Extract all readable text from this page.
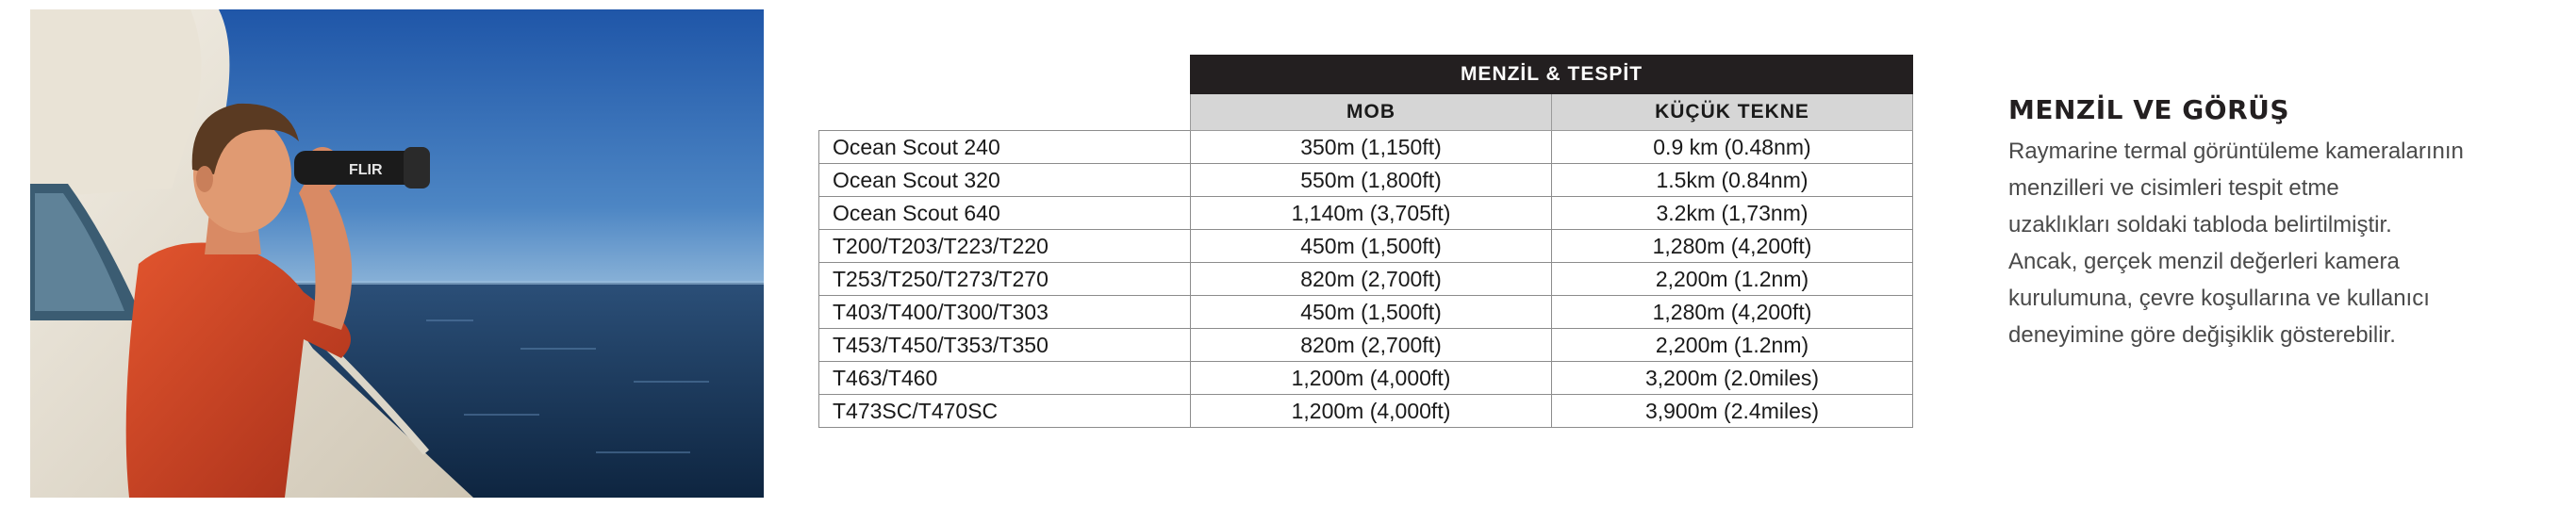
FLIR
	MENZİL & TESPİT	
	MOB	KÜÇÜK TEKNE
Ocean Scout 240	350m (1,150ft)	0.9 km (0.48nm)
Ocean Scout 320	550m (1,800ft)	1.5km (0.84nm)
Ocean Scout 640	1,140m (3,705ft)	3.2km (1,73nm)
T200/T203/T223/T220	450m (1,500ft)	1,280m (4,200ft)
T253/T250/T273/T270	820m (2,700ft)	2,200m (1.2nm)
T403/T400/T300/T303	450m (1,500ft)	1,280m (4,200ft)
T453/T450/T353/T350	820m (2,700ft)	2,200m (1.2nm)
T463/T460	1,200m (4,000ft)	3,200m (2.0miles)
T473SC/T470SC	1,200m (4,000ft)	3,900m (2.4miles)
MENZİL VE GÖRÜŞ

Raymarine termal görüntüleme kameralarının
menzilleri ve cisimleri tespit etme
uzaklıkları soldaki tabloda belirtilmiştir.
Ancak, gerçek menzil değerleri kamera
kurulumuna, çevre koşullarına ve kullanıcı
deneyimine göre değişiklik gösterebilir.
